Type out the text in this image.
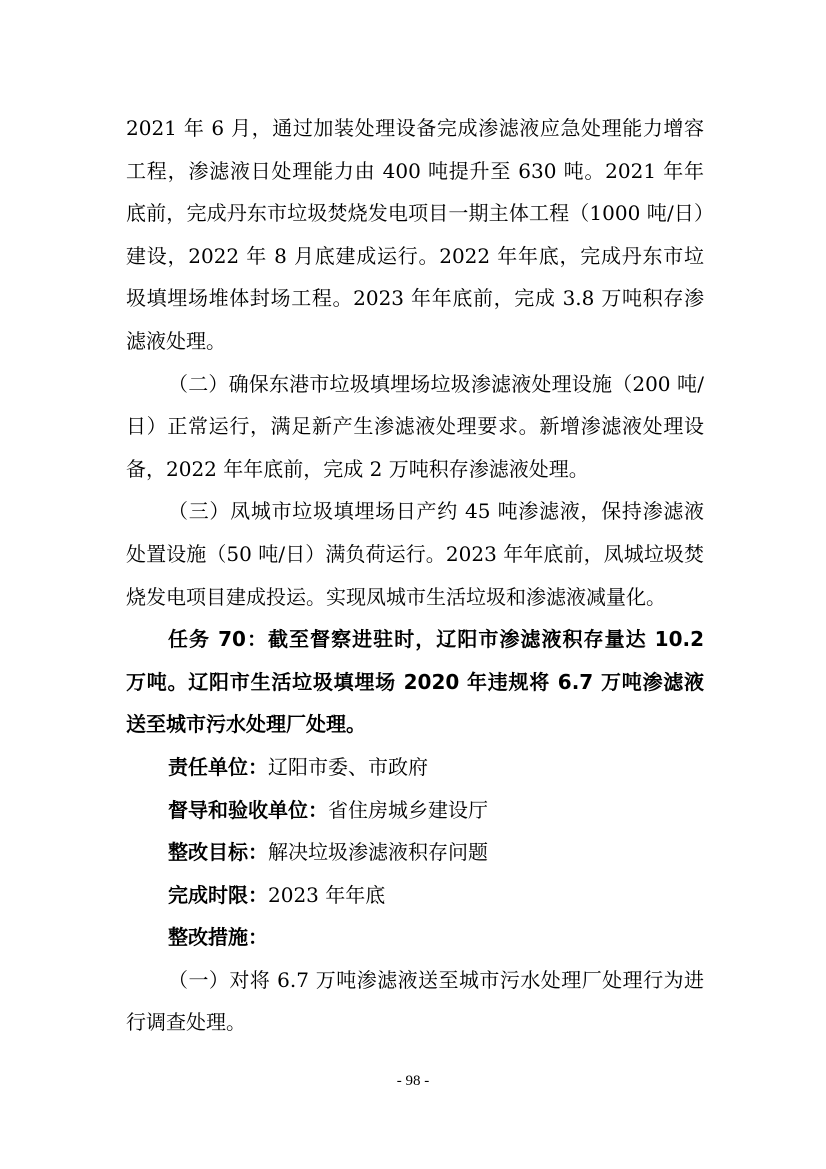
2021 年 6 月，通过加装处理设备完成渗滤液应急处理能力增容工程，渗滤液日处理能力由 400 吨提升至 630 吨。2021 年年底前，完成丹东市垃圾焚烧发电项目一期主体工程（1000 吨/日）建设，2022 年 8 月底建成运行。2022 年年底，完成丹东市垃圾填埋场堆体封场工程。2023 年年底前，完成 3.8 万吨积存渗滤液处理。

（二）确保东港市垃圾填埋场垃圾渗滤液处理设施（200 吨/日）正常运行，满足新产生渗滤液处理要求。新增渗滤液处理设备，2022 年年底前，完成 2 万吨积存渗滤液处理。

（三）凤城市垃圾填埋场日产约 45 吨渗滤液，保持渗滤液处置设施（50 吨/日）满负荷运行。2023 年年底前，凤城垃圾焚烧发电项目建成投运。实现凤城市生活垃圾和渗滤液减量化。

任务 70：截至督察进驻时，辽阳市渗滤液积存量达 10.2 万吨。辽阳市生活垃圾填埋场 2020 年违规将 6.7 万吨渗滤液送至城市污水处理厂处理。

责任单位：辽阳市委、市政府

督导和验收单位：省住房城乡建设厅

整改目标：解决垃圾渗滤液积存问题

完成时限：2023 年年底

整改措施：

（一）对将 6.7 万吨渗滤液送至城市污水处理厂处理行为进行调查处理。

- 98 -
